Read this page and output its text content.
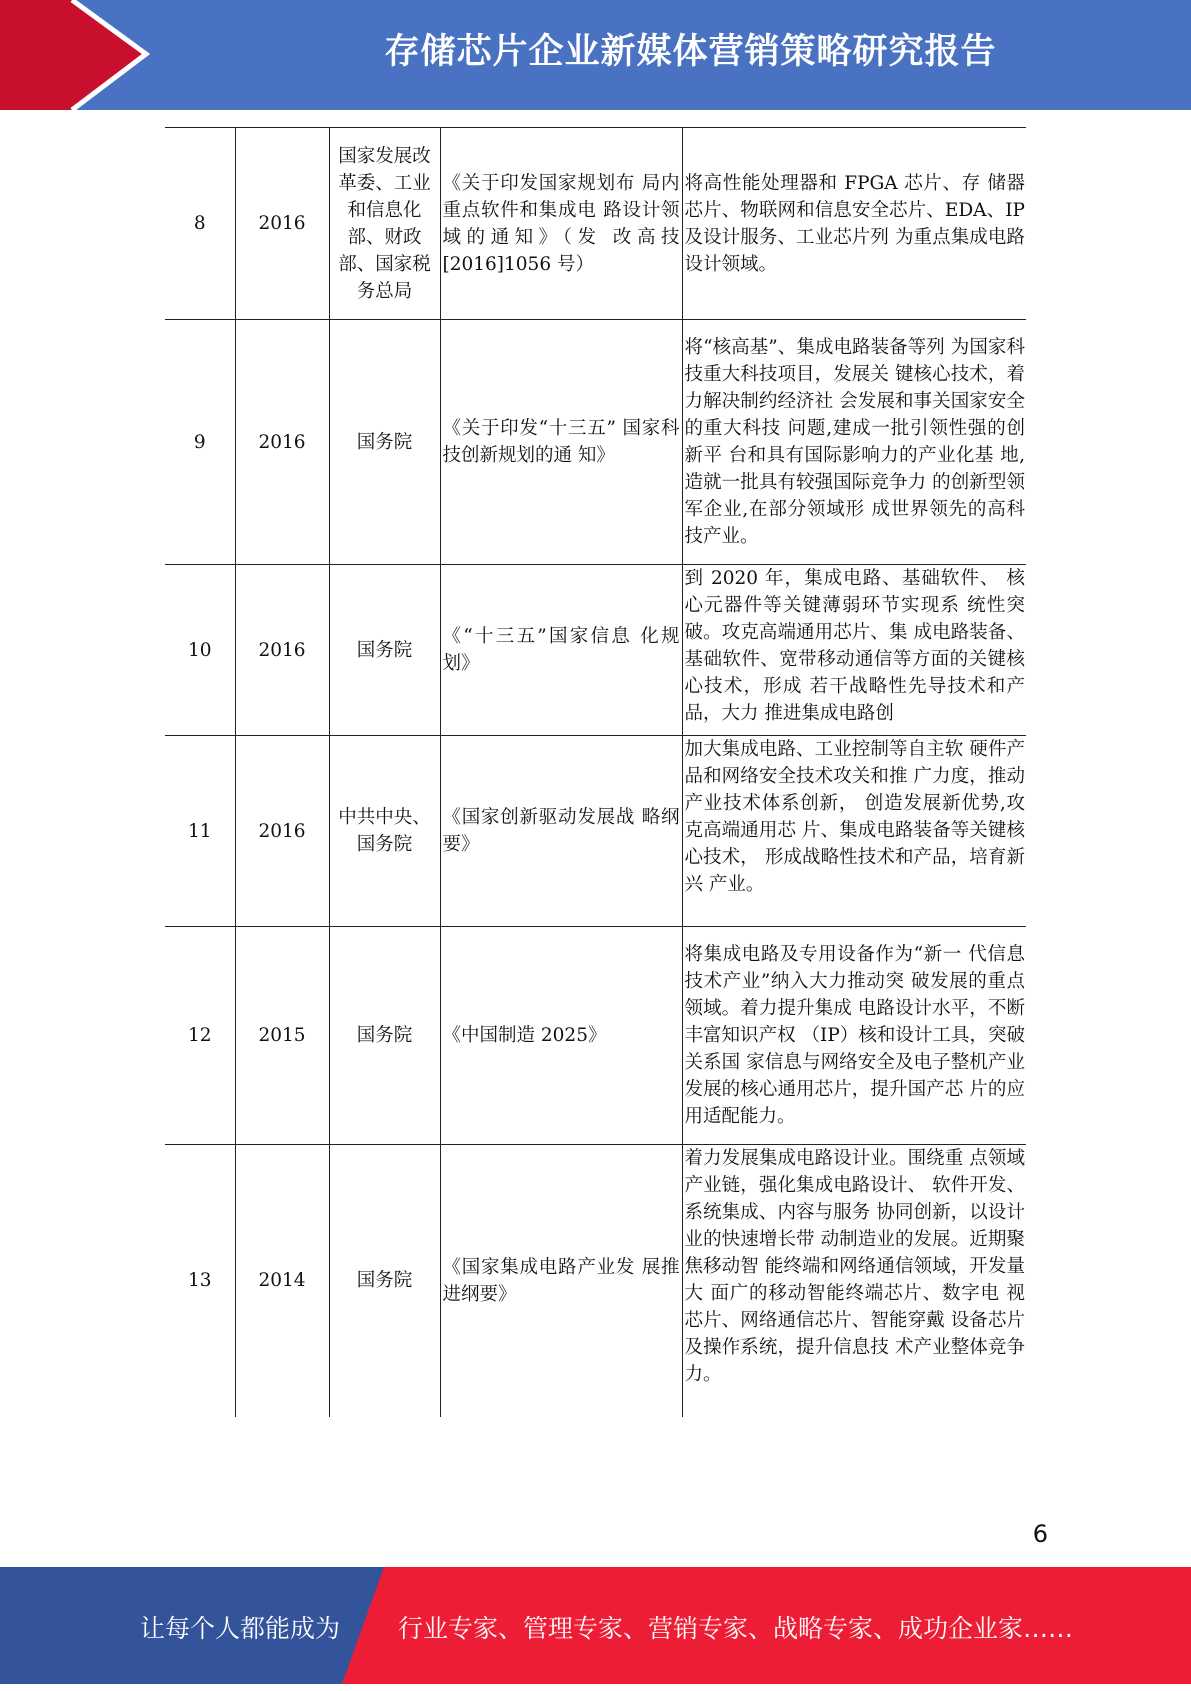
存储芯片企业新媒体营销策略研究报告
8	2016	国家发展改革委、工业和信息化部、财政部、国家税务总局	《关于印发国家规划布 局内重点软件和集成电 路设计领域的通知》（发 改高技[2016]1056 号）	将高性能处理器和 FPGA 芯片、存 储器芯片、物联网和信息安全芯片、EDA、IP 及设计服务、工业芯片列 为重点集成电路设计领域。
9	2016	国务院	《关于印发“十三五” 国家科技创新规划的通 知》	将“核高基”、集成电路装备等列 为国家科技重大科技项目，发展关 键核心技术，着力解决制约经济社 会发展和事关国家安全的重大科技 问题,建成一批引领性强的创新平 台和具有国际影响力的产业化基 地,造就一批具有较强国际竞争力 的创新型领军企业,在部分领域形 成世界领先的高科技产业。
10	2016	国务院	《“十三五”国家信息 化规划》	到 2020 年，集成电路、基础软件、 核心元器件等关键薄弱环节实现系 统性突破。攻克高端通用芯片、集 成电路装备、基础软件、宽带移动通信等方面的关键核心技术，形成 若干战略性先导技术和产品，大力 推进集成电路创
11	2016	中共中央、国务院	《国家创新驱动发展战 略纲要》	加大集成电路、工业控制等自主软 硬件产品和网络安全技术攻关和推 广力度，推动产业技术体系创新， 创造发展新优势,攻克高端通用芯 片、集成电路装备等关键核心技术， 形成战略性技术和产品，培育新兴 产业。
12	2015	国务院	《中国制造 2025》	将集成电路及专用设备作为“新一 代信息技术产业”纳入大力推动突 破发展的重点领域。着力提升集成 电路设计水平，不断丰富知识产权 （IP）核和设计工具，突破关系国 家信息与网络安全及电子整机产业 发展的核心通用芯片，提升国产芯 片的应用适配能力。
13	2014	国务院	《国家集成电路产业发 展推进纲要》	着力发展集成电路设计业。围绕重 点领域产业链，强化集成电路设计、 软件开发、系统集成、内容与服务 协同创新，以设计业的快速增长带 动制造业的发展。近期聚焦移动智 能终端和网络通信领域，开发量大 面广的移动智能终端芯片、数字电 视芯片、网络通信芯片、智能穿戴 设备芯片及操作系统，提升信息技 术产业整体竞争力。
6
让每个人都能成为 行业专家、管理专家、营销专家、战略专家、成功企业家……
